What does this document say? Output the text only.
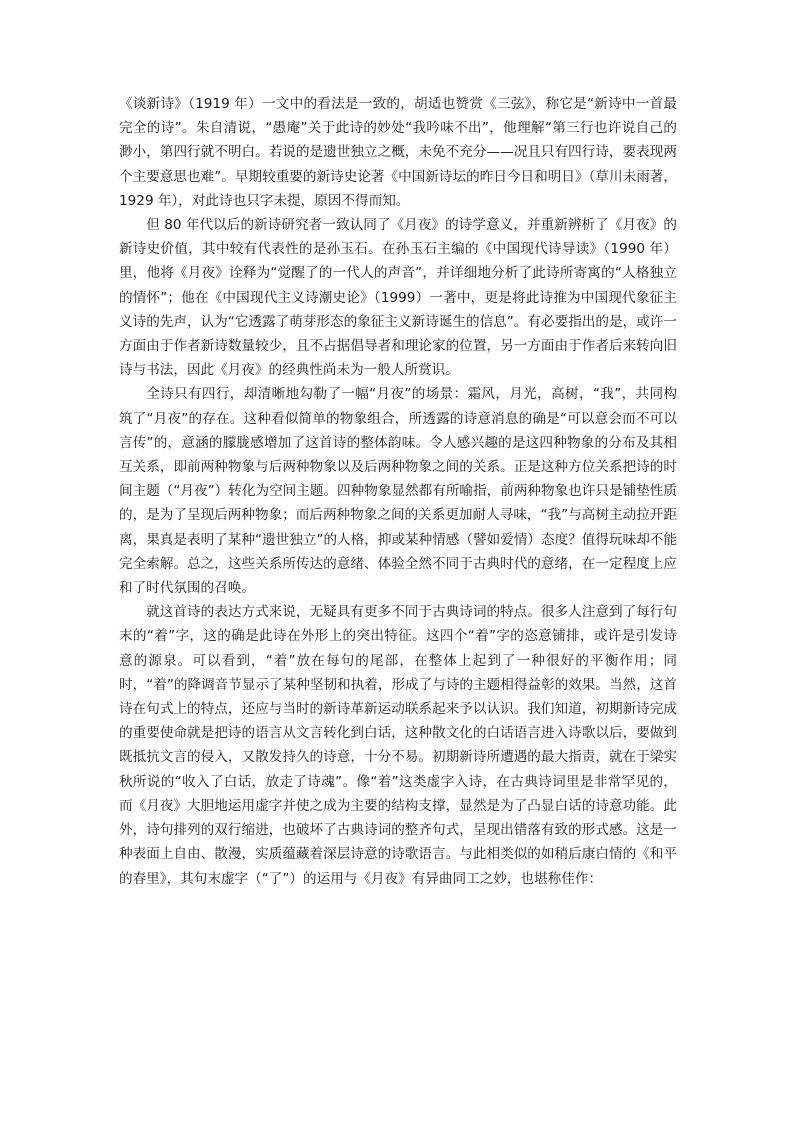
《谈新诗》（1919 年）一文中的看法是一致的，胡适也赞赏《三弦》，称它是“新诗中一首最完全的诗”。朱自清说，“愚庵”关于此诗的妙处“我吟味不出”，他理解“第三行也许说自己的渺小，第四行就不明白。若说的是遗世独立之概，未免不充分——况且只有四行诗，要表现两个主要意思也难”。早期较重要的新诗史论著《中国新诗坛的昨日今日和明日》（草川未雨著，1929 年），对此诗也只字未提，原因不得而知。

但 80 年代以后的新诗研究者一致认同了《月夜》的诗学意义，并重新辨析了《月夜》的新诗史价值，其中较有代表性的是孙玉石。在孙玉石主编的《中国现代诗导读》（1990 年）里，他将《月夜》诠释为“觉醒了的一代人的声音”，并详细地分析了此诗所寄寓的“人格独立的情怀”；他在《中国现代主义诗潮史论》（1999）一著中，更是将此诗推为中国现代象征主义诗的先声，认为“它透露了萌芽形态的象征主义新诗诞生的信息”。有必要指出的是，或许一方面由于作者新诗数量较少，且不占据倡导者和理论家的位置，另一方面由于作者后来转向旧诗与书法，因此《月夜》的经典性尚未为一般人所赏识。

全诗只有四行，却清晰地勾勒了一幅“月夜”的场景：霜风，月光，高树，“我”，共同构筑了“月夜”的存在。这种看似简单的物象组合，所透露的诗意消息的确是“可以意会而不可以言传”的，意涵的朦胧感增加了这首诗的整体韵味。令人感兴趣的是这四种物象的分布及其相互关系，即前两种物象与后两种物象以及后两种物象之间的关系。正是这种方位关系把诗的时间主题（“月夜”）转化为空间主题。四种物象显然都有所喻指，前两种物象也许只是铺垫性质的，是为了呈现后两种物象；而后两种物象之间的关系更加耐人寻味，“我”与高树主动拉开距离，果真是表明了某种“遗世独立”的人格，抑或某种情感（譬如爱情）态度？值得玩味却不能完全索解。总之，这些关系所传达的意绪、体验全然不同于古典时代的意绪，在一定程度上应和了时代氛围的召唤。

就这首诗的表达方式来说，无疑具有更多不同于古典诗词的特点。很多人注意到了每行句末的“着”字，这的确是此诗在外形上的突出特征。这四个“着”字的恣意铺排，或许是引发诗意的源泉。可以看到，“着”放在每句的尾部，在整体上起到了一种很好的平衡作用；同时，“着”的降调音节显示了某种坚韧和执着，形成了与诗的主题相得益彰的效果。当然，这首诗在句式上的特点，还应与当时的新诗革新运动联系起来予以认识。我们知道，初期新诗完成的重要使命就是把诗的语言从文言转化到白话，这种散文化的白话语言进入诗歌以后，要做到既抵抗文言的侵入，又散发持久的诗意，十分不易。初期新诗所遭遇的最大指责，就在于梁实秋所说的“收入了白话，放走了诗魂”。像“着”这类虚字入诗，在古典诗词里是非常罕见的，而《月夜》大胆地运用虚字并使之成为主要的结构支撑，显然是为了凸显白话的诗意功能。此外，诗句排列的双行缩进，也破坏了古典诗词的整齐句式，呈现出错落有致的形式感。这是一种表面上自由、散漫，实质蕴藏着深层诗意的诗歌语言。与此相类似的如稍后康白情的《和平的春里》，其句末虚字（“了”）的运用与《月夜》有异曲同工之妙，也堪称佳作：
